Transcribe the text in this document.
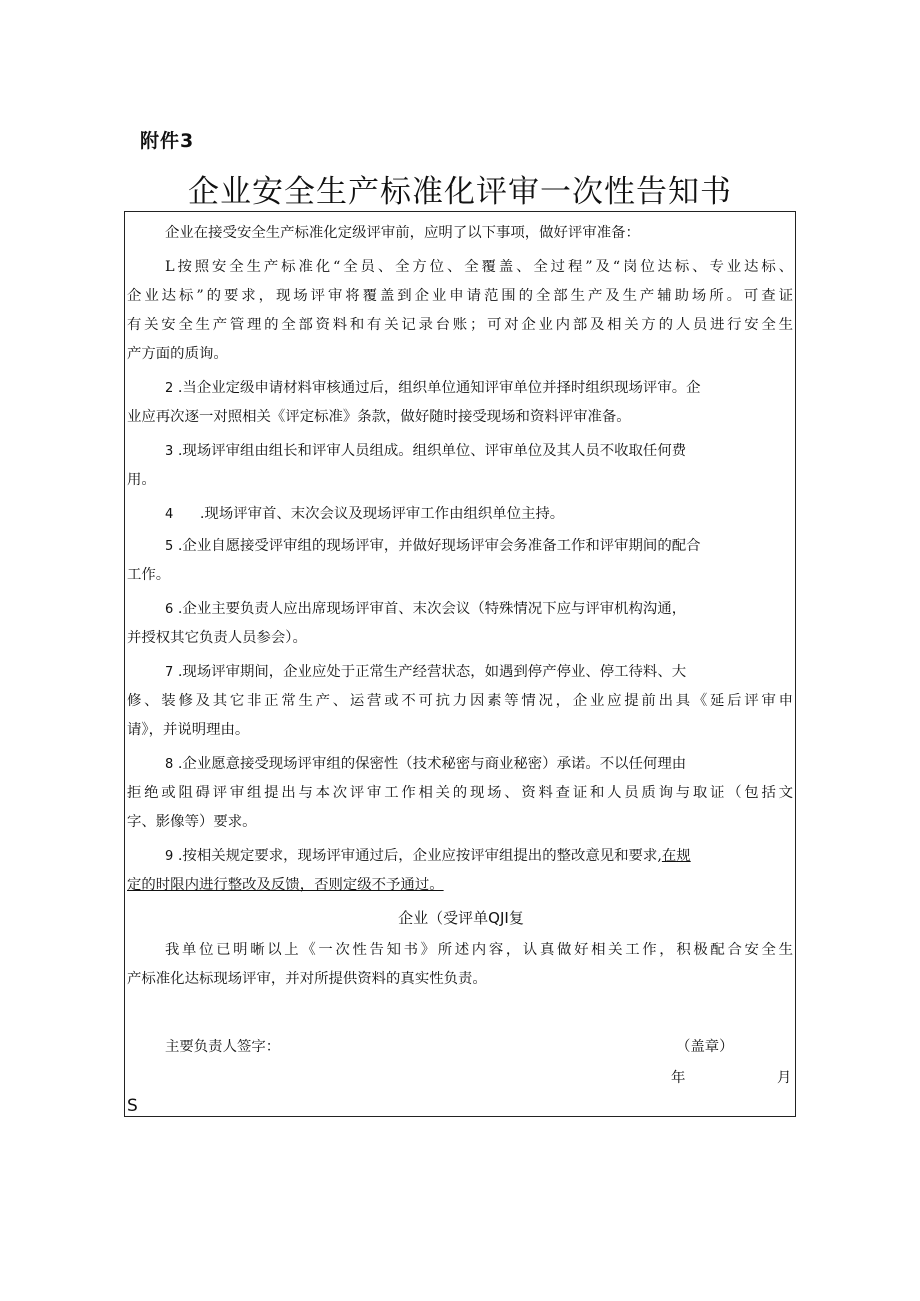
附件3
企业安全生产标准化评审一次性告知书
企业在接受安全生产标准化定级评审前，应明了以下事项，做好评审准备：
L按照安全生产标准化“全员、全方位、全覆盖、全过程”及“岗位达标、专业达标、
企业达标”的要求，现场评审将覆盖到企业申请范围的全部生产及生产辅助场所。可查证
有关安全生产管理的全部资料和有关记录台账；可对企业内部及相关方的人员进行安全生
产方面的质询。
2 .当企业定级申请材料审核通过后，组织单位通知评审单位并择时组织现场评审。企
业应再次逐一对照相关《评定标准》条款，做好随时接受现场和资料评审准备。
3 .现场评审组由组长和评审人员组成。组织单位、评审单位及其人员不收取任何费
用。
4 .现场评审首、末次会议及现场评审工作由组织单位主持。
5 .企业自愿接受评审组的现场评审，并做好现场评审会务准备工作和评审期间的配合
工作。
6 .企业主要负责人应出席现场评审首、末次会议（特殊情况下应与评审机构沟通，
并授权其它负责人员参会）。
7 .现场评审期间，企业应处于正常生产经营状态，如遇到停产停业、停工待料、大
修、装修及其它非正常生产、运营或不可抗力因素等情况，企业应提前出具《延后评审申
请》，并说明理由。
8 .企业愿意接受现场评审组的保密性（技术秘密与商业秘密）承诺。不以任何理由
拒绝或阻碍评审组提出与本次评审工作相关的现场、资料查证和人员质询与取证（包括文
字、影像等）要求。
9 .按相关规定要求，现场评审通过后，企业应按评审组提出的整改意见和要求,在规
定的时限内进行整改及反馈，否则定级不予通过。
企业（受评单QJI复
我单位已明晰以上《一次性告知书》所述内容，认真做好相关工作，积极配合安全生
产标准化达标现场评审，并对所提供资料的真实性负责。
主要负责人签字：	（盖章）
年	月
S
